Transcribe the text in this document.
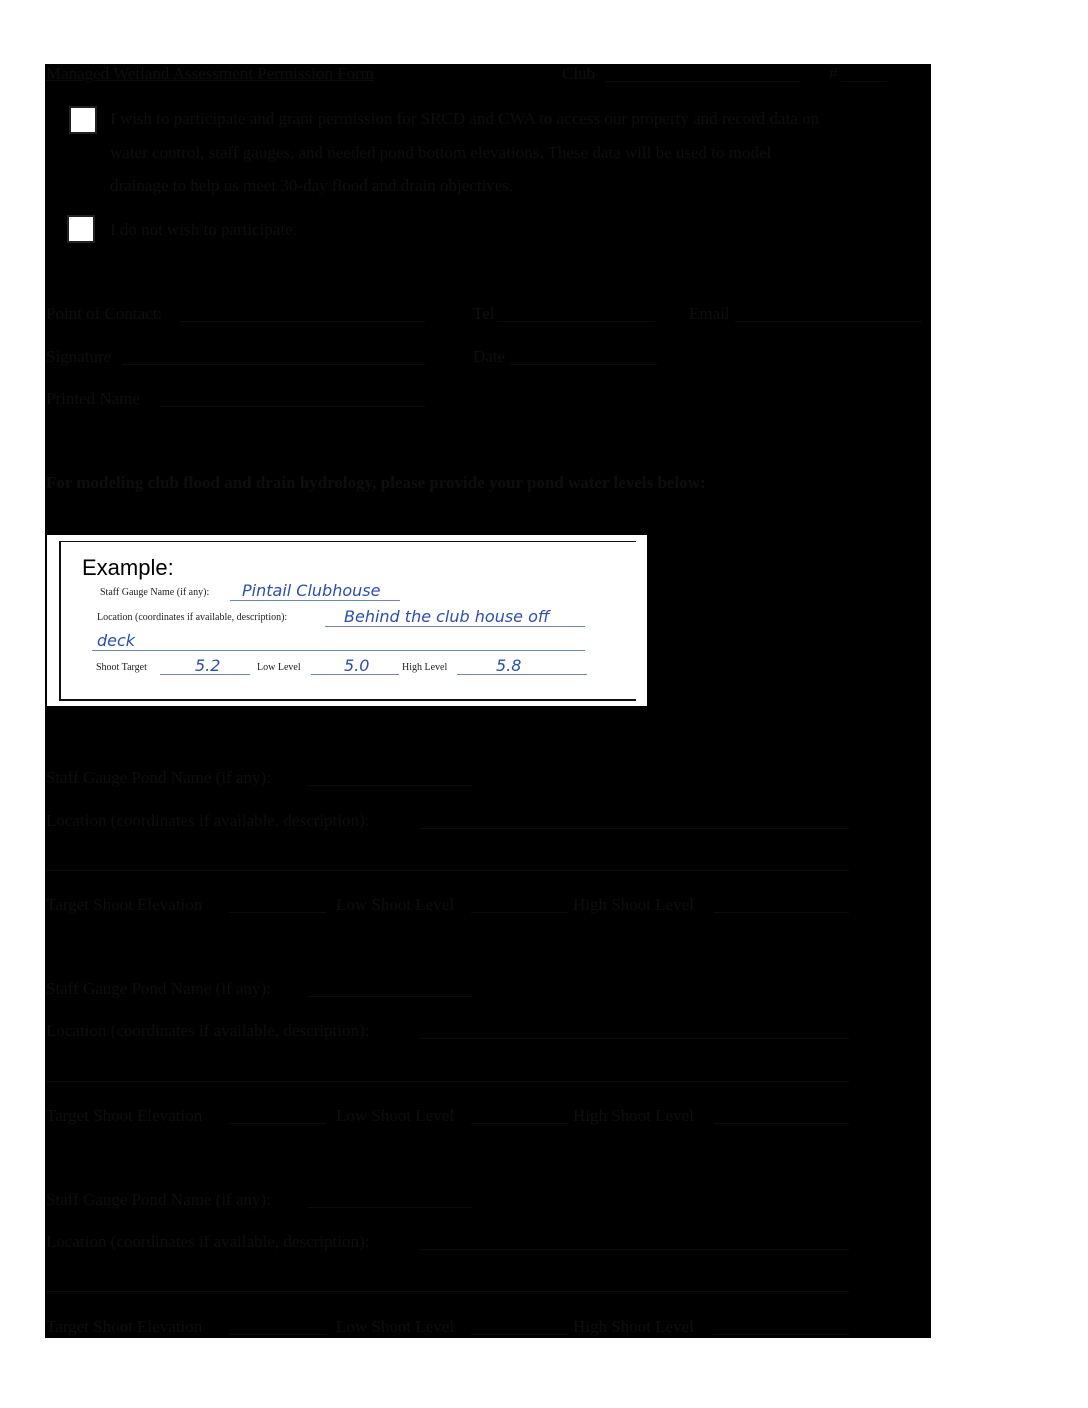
Managed Wetland Assessment Permission Form	Club	#
I wish to participate and grant permission for SRCD and CWA to access our property and record data on
water control, staff gauges, and needed pond bottom elevations. These data will be used to model
drainage to help us meet 30-day flood and drain objectives.
I do not wish to participate.
Point of Contact:	Tel	Email
Signature	Date
Printed Name
For modeling club flood and drain hydrology, please provide your pond water levels below:
Staff Gauge Pond Name (if any):
Location (coordinates if available, description):
Target Shoot Elevation	Low Shoot Level	High Shoot Level
Staff Gauge Pond Name (if any):
Location (coordinates if available, description):
Target Shoot Elevation	Low Shoot Level	High Shoot Level
Staff Gauge Pond Name (if any):
Location (coordinates if available, description):
Target Shoot Elevation	Low Shoot Level	High Shoot Level
Example:
Staff Gauge Name (if any): Pintail Clubhouse
Location (coordinates if available, description):	Behind the club house off
deck
Shoot Target	5.2	Low Level	5.0	High Level	5.8
